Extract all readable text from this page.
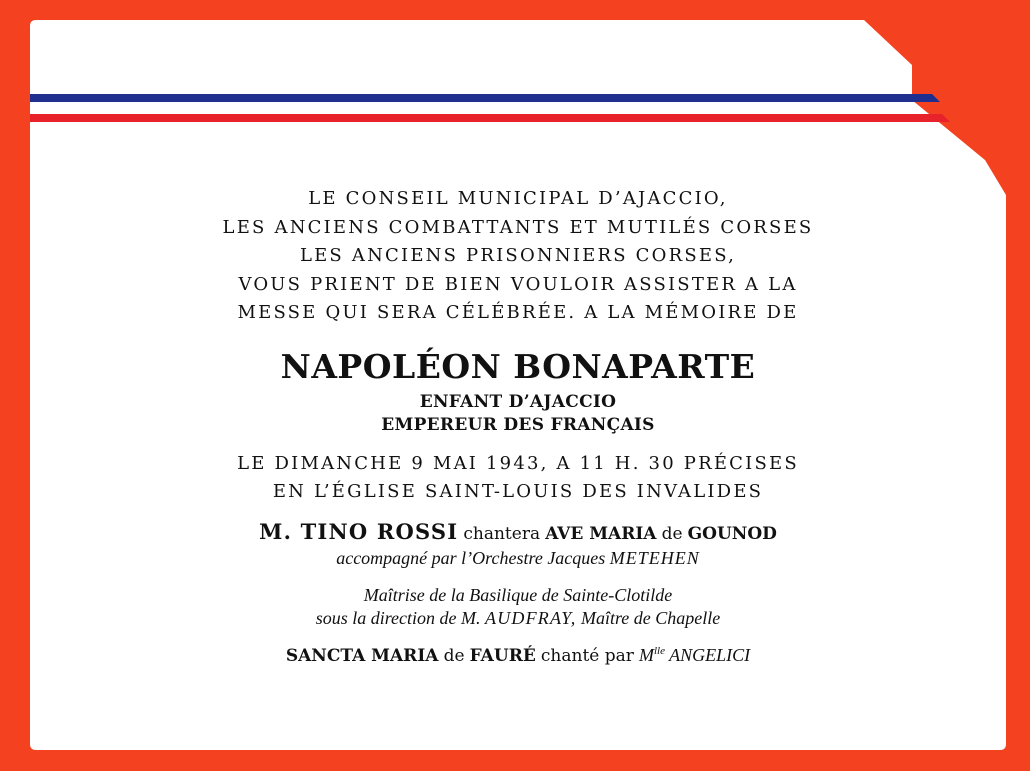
LE CONSEIL MUNICIPAL D’AJACCIO,
LES ANCIENS COMBATTANTS ET MUTILÉS CORSES
LES ANCIENS PRISONNIERS CORSES,
VOUS PRIENT DE BIEN VOULOIR ASSISTER A LA
MESSE QUI SERA CÉLÉBRÉE. A LA MÉMOIRE DE
NAPOLÉON BONAPARTE
ENFANT D’AJACCIO
EMPEREUR DES FRANÇAIS
LE DIMANCHE 9 MAI 1943, A 11 H. 30 PRÉCISES
EN L’ÉGLISE SAINT-LOUIS DES INVALIDES
M. TINO ROSSI chantera AVE MARIA de GOUNOD
accompagné par l’Orchestre Jacques METEHEN
Maîtrise de la Basilique de Sainte-Clotilde
sous la direction de M. AUDFRAY, Maître de Chapelle
SANCTA MARIA de FAURÉ chanté par $M^{lle}$ ANGELICI
